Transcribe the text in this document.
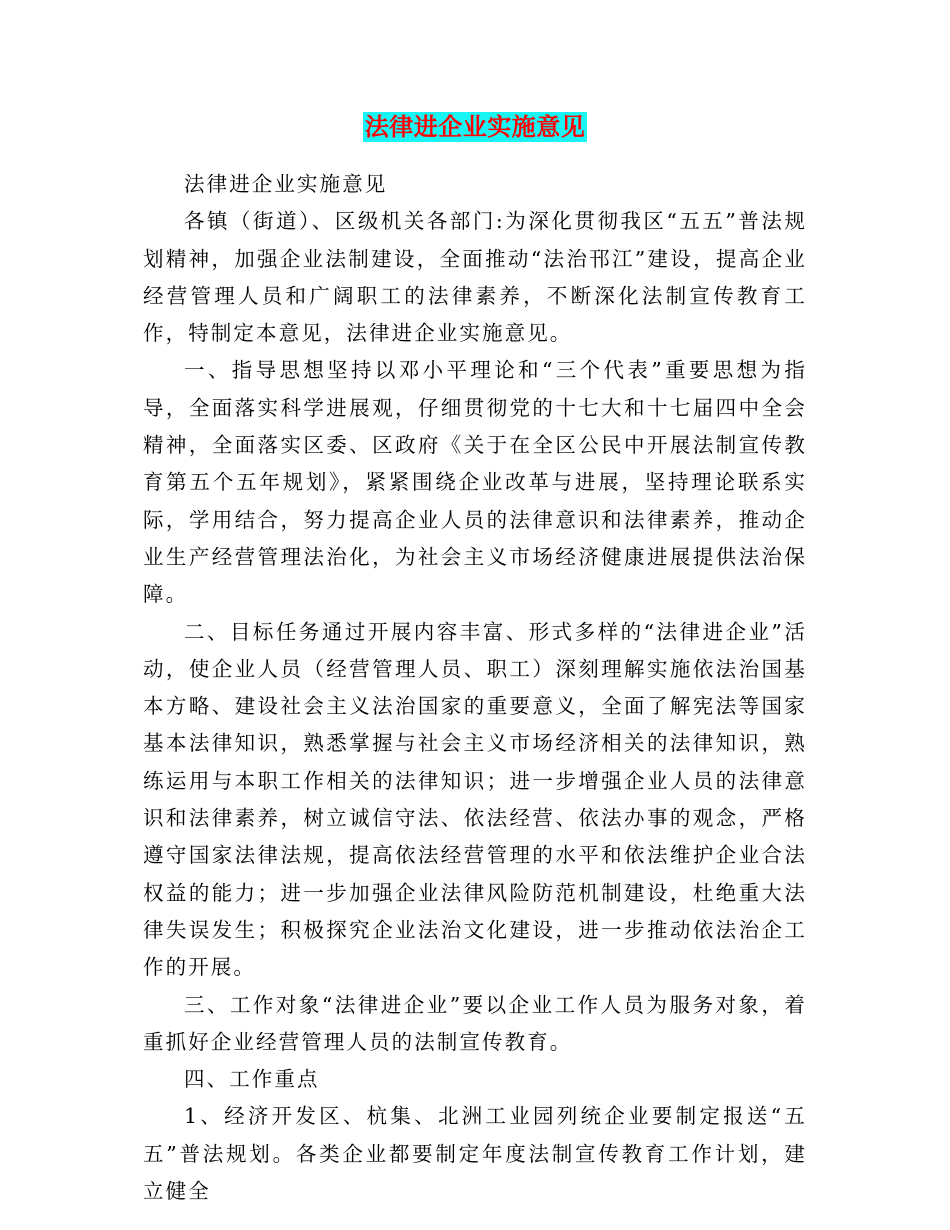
法律进企业实施意见

法律进企业实施意见

各镇（街道）、区级机关各部门:为深化贯彻我区“五五”普法规划精神，加强企业法制建设，全面推动“法治邗江”建设，提高企业经营管理人员和广阔职工的法律素养，不断深化法制宣传教育工作，特制定本意见，法律进企业实施意见。

一、指导思想坚持以邓小平理论和“三个代表”重要思想为指导，全面落实科学进展观，仔细贯彻党的十七大和十七届四中全会精神，全面落实区委、区政府《关于在全区公民中开展法制宣传教育第五个五年规划》，紧紧围绕企业改革与进展，坚持理论联系实际，学用结合，努力提高企业人员的法律意识和法律素养，推动企业生产经营管理法治化，为社会主义市场经济健康进展提供法治保障。

二、目标任务通过开展内容丰富、形式多样的“法律进企业”活动，使企业人员（经营管理人员、职工）深刻理解实施依法治国基本方略、建设社会主义法治国家的重要意义，全面了解宪法等国家基本法律知识，熟悉掌握与社会主义市场经济相关的法律知识，熟练运用与本职工作相关的法律知识；进一步增强企业人员的法律意识和法律素养，树立诚信守法、依法经营、依法办事的观念，严格遵守国家法律法规，提高依法经营管理的水平和依法维护企业合法权益的能力；进一步加强企业法律风险防范机制建设，杜绝重大法律失误发生；积极探究企业法治文化建设，进一步推动依法治企工作的开展。

三、工作对象“法律进企业”要以企业工作人员为服务对象，着重抓好企业经营管理人员的法制宣传教育。

四、工作重点

1、经济开发区、杭集、北洲工业园列统企业要制定报送“五五”普法规划。各类企业都要制定年度法制宣传教育工作计划，建立健全
